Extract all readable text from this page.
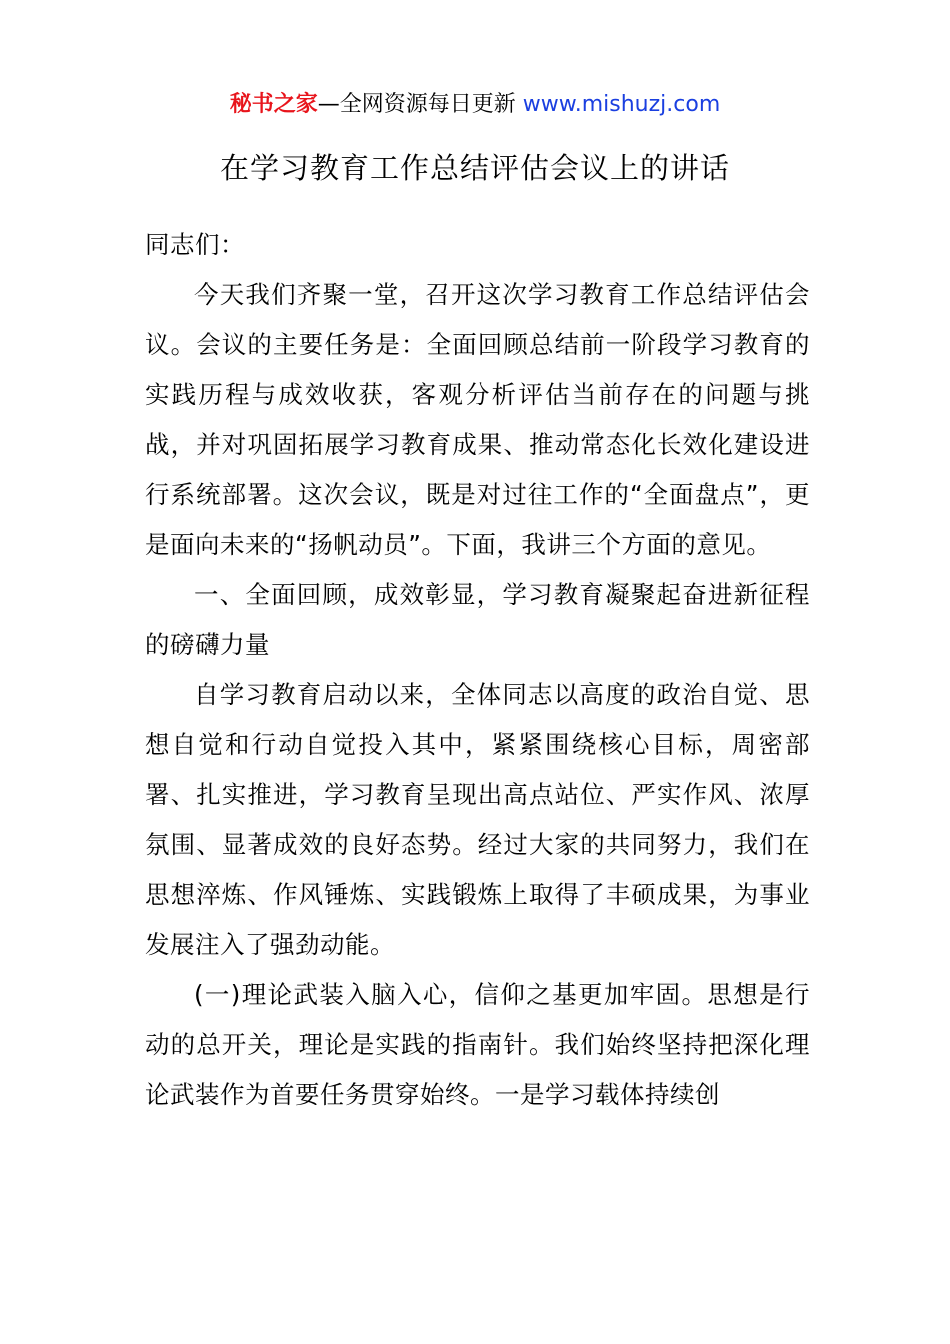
秘书之家—全网资源每日更新 www.mishuzj.com
在学习教育工作总结评估会议上的讲话

同志们：

今天我们齐聚一堂，召开这次学习教育工作总结评估会议。会议的主要任务是：全面回顾总结前一阶段学习教育的实践历程与成效收获，客观分析评估当前存在的问题与挑战，并对巩固拓展学习教育成果、推动常态化长效化建设进行系统部署。这次会议，既是对过往工作的“全面盘点”，更是面向未来的“扬帆动员”。下面，我讲三个方面的意见。

一、全面回顾，成效彰显，学习教育凝聚起奋进新征程的磅礴力量

自学习教育启动以来，全体同志以高度的政治自觉、思想自觉和行动自觉投入其中，紧紧围绕核心目标，周密部署、扎实推进，学习教育呈现出高点站位、严实作风、浓厚氛围、显著成效的良好态势。经过大家的共同努力，我们在思想淬炼、作风锤炼、实践锻炼上取得了丰硕成果，为事业发展注入了强劲动能。

(一)理论武装入脑入心，信仰之基更加牢固。思想是行动的总开关，理论是实践的指南针。我们始终坚持把深化理论武装作为首要任务贯穿始终。一是学习载体持续创
